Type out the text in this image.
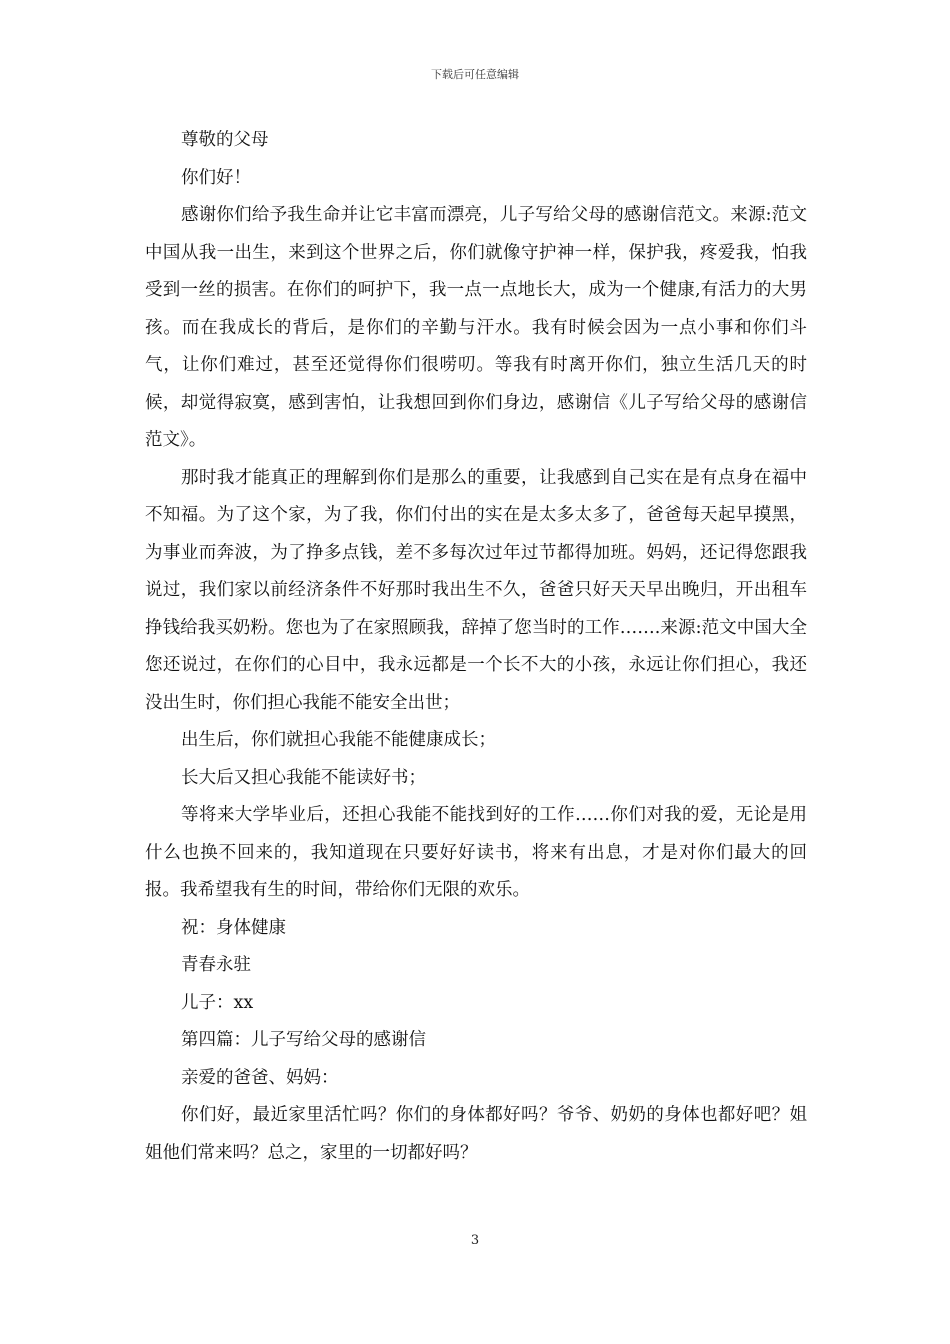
下载后可任意编辑

尊敬的父母

你们好！

感谢你们给予我生命并让它丰富而漂亮，儿子写给父母的感谢信范文。来源:范文中国从我一出生，来到这个世界之后，你们就像守护神一样，保护我，疼爱我，怕我受到一丝的损害。在你们的呵护下，我一点一点地长大，成为一个健康,有活力的大男孩。而在我成长的背后，是你们的辛勤与汗水。我有时候会因为一点小事和你们斗气，让你们难过，甚至还觉得你们很唠叨。等我有时离开你们，独立生活几天的时候，却觉得寂寞，感到害怕，让我想回到你们身边，感谢信《儿子写给父母的感谢信范文》。

那时我才能真正的理解到你们是那么的重要，让我感到自己实在是有点身在福中不知福。为了这个家，为了我，你们付出的实在是太多太多了，爸爸每天起早摸黑，为事业而奔波，为了挣多点钱，差不多每次过年过节都得加班。妈妈，还记得您跟我说过，我们家以前经济条件不好那时我出生不久，爸爸只好天天早出晚归，开出租车挣钱给我买奶粉。您也为了在家照顾我，辞掉了您当时的工作…….来源:范文中国大全您还说过，在你们的心目中，我永远都是一个长不大的小孩，永远让你们担心，我还没出生时，你们担心我能不能安全出世；

出生后，你们就担心我能不能健康成长；

长大后又担心我能不能读好书；

等将来大学毕业后，还担心我能不能找到好的工作……你们对我的爱，无论是用什么也换不回来的，我知道现在只要好好读书，将来有出息，才是对你们最大的回报。我希望我有生的时间，带给你们无限的欢乐。

祝：身体健康

青春永驻

儿子：xx

第四篇：儿子写给父母的感谢信

亲爱的爸爸、妈妈：

你们好，最近家里活忙吗？你们的身体都好吗？爷爷、奶奶的身体也都好吧？姐姐他们常来吗？总之，家里的一切都好吗？

3
